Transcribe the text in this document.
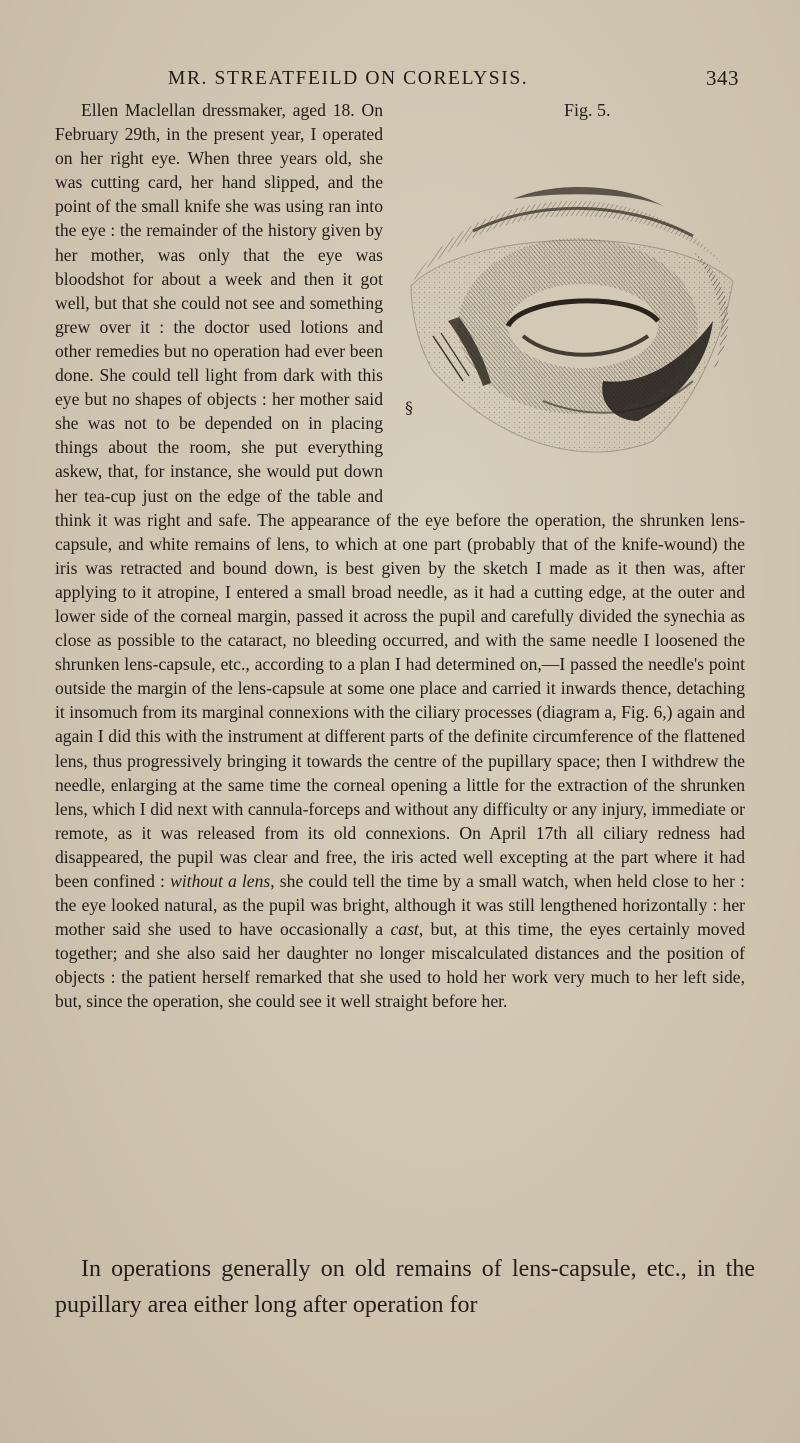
MR. STREATFEILD ON CORELYSIS.	343

Fig. 5.
§
Ellen Maclellan dressmaker, aged 18. On February 29th, in the present year, I operated on her right eye. When three years old, she was cutting card, her hand slipped, and the point of the small knife she was using ran into the eye : the remainder of the history given by her mother, was only that the eye was bloodshot for about a week and then it got well, but that she could not see and something grew over it : the doctor used lotions and other remedies but no operation had ever been done. She could tell light from dark with this eye but no shapes of objects : her mother said she was not to be depended on in placing things about the room, she put everything askew, that, for instance, she would put down her tea-cup just on the edge of the table and think it was right and safe. The appearance of the eye before the operation, the shrunken lens-capsule, and white remains of lens, to which at one part (probably that of the knife-wound) the iris was retracted and bound down, is best given by the sketch I made as it then was, after applying to it atropine, I entered a small broad needle, as it had a cutting edge, at the outer and lower side of the corneal margin, passed it across the pupil and carefully divided the synechia as close as possible to the cataract, no bleeding occurred, and with the same needle I loosened the shrunken lens-capsule, etc., according to a plan I had determined on,—I passed the needle's point outside the margin of the lens-capsule at some one place and carried it inwards thence, detaching it insomuch from its marginal connexions with the ciliary processes (diagram a, Fig. 6,) again and again I did this with the instrument at different parts of the definite circumference of the flattened lens, thus progressively bringing it towards the centre of the pupillary space; then I withdrew the needle, enlarging at the same time the corneal opening a little for the extraction of the shrunken lens, which I did next with cannula-forceps and without any difficulty or any injury, immediate or remote, as it was released from its old connexions. On April 17th all ciliary redness had disappeared, the pupil was clear and free, the iris acted well excepting at the part where it had been confined : without a lens, she could tell the time by a small watch, when held close to her : the eye looked natural, as the pupil was bright, although it was still lengthened horizontally : her mother said she used to have occasionally a cast, but, at this time, the eyes certainly moved together; and she also said her daughter no longer miscalculated distances and the position of objects : the patient herself remarked that she used to hold her work very much to her left side, but, since the operation, she could see it well straight before her.

In operations generally on old remains of lens-capsule, etc., in the pupillary area either long after operation for
